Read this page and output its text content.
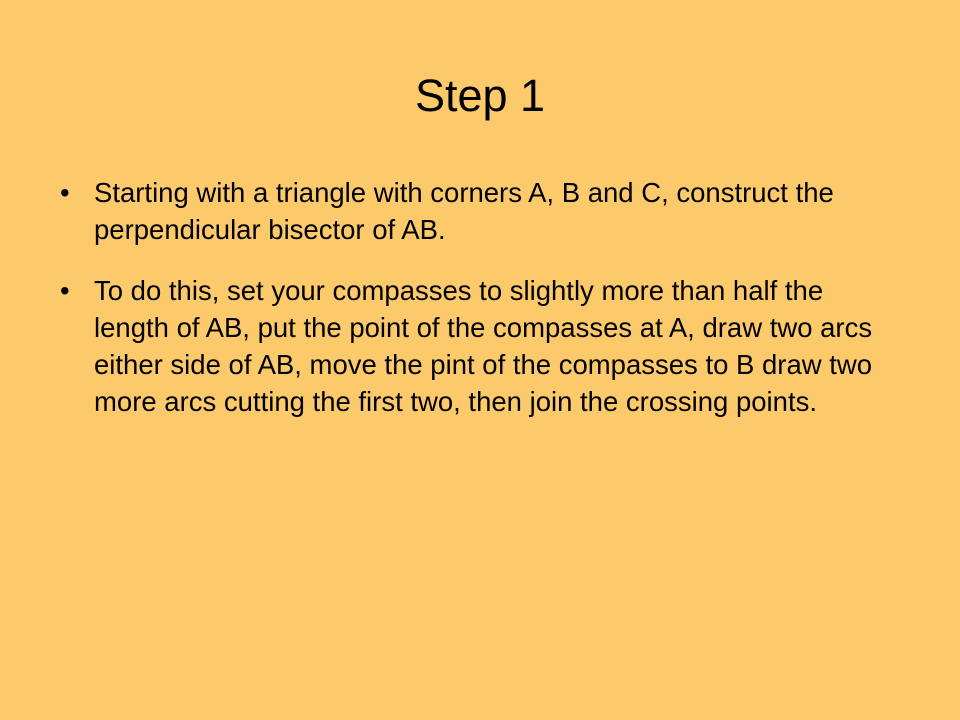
Step 1
• Starting with a triangle with corners A, B and C, construct the perpendicular bisector of AB.
• To do this, set your compasses to slightly more than half the length of AB, put the point of the compasses at A, draw two arcs either side of AB, move the pint of the compasses to B draw two more arcs cutting the first two, then join the crossing points.
